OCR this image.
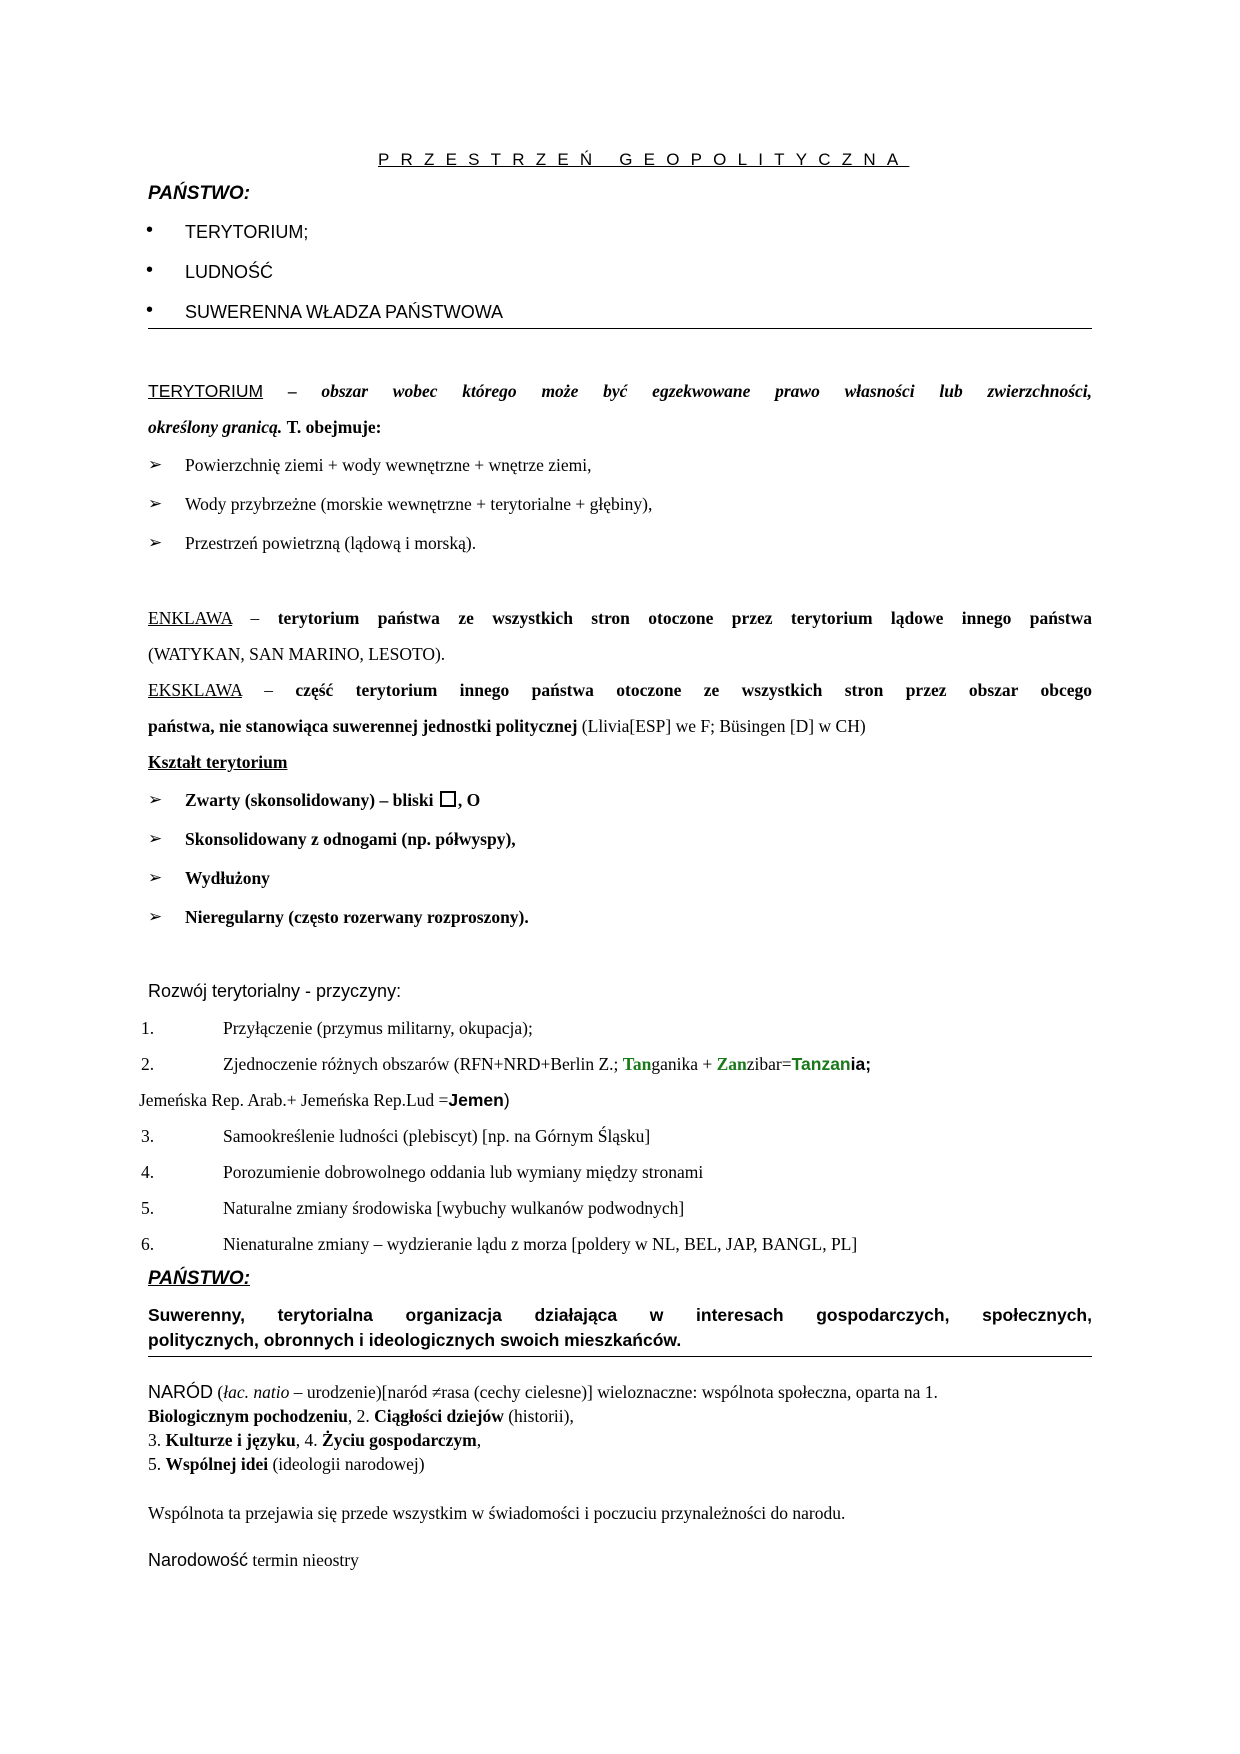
PRZESTRZEŃ GEOPOLITYCZNA
PAŃSTWO:
• TERYTORIUM;
• LUDNOŚĆ
• SUWERENNA WŁADZA PAŃSTWOWA
TERYTORIUM – obszar wobec którego może być egzekwowane prawo własności lub zwierzchności,
określony granicą. T. obejmuje:
➢ Powierzchnię ziemi + wody wewnętrzne + wnętrze ziemi,
➢ Wody przybrzeżne (morskie wewnętrzne + terytorialne + głębiny),
➢ Przestrzeń powietrzną (lądową i morską).
ENKLAWA – terytorium państwa ze wszystkich stron otoczone przez terytorium lądowe innego państwa
(WATYKAN, SAN MARINO, LESOTO).
EKSKLAWA – część terytorium innego państwa otoczone ze wszystkich stron przez obszar obcego
państwa, nie stanowiąca suwerennej jednostki politycznej (Llivia[ESP] we F; Büsingen [D] w CH)
Kształt terytorium
➢ Zwarty (skonsolidowany) – bliski , O
➢ Skonsolidowany z odnogami (np. półwyspy),
➢ Wydłużony
➢ Nieregularny (często rozerwany rozproszony).
Rozwój terytorialny - przyczyny:
1.	Przyłączenie (przymus militarny, okupacja);
2.	Zjednoczenie różnych obszarów (RFN+NRD+Berlin Z.; Tanganika + Zanzibar=Tanzania;
Jemeńska Rep. Arab.+ Jemeńska Rep.Lud =Jemen)
3.	Samookreślenie ludności (plebiscyt) [np. na Górnym Śląsku]
4.	Porozumienie dobrowolnego oddania lub wymiany między stronami
5.	Naturalne zmiany środowiska [wybuchy wulkanów podwodnych]
6.	Nienaturalne zmiany – wydzieranie lądu z morza [poldery w NL, BEL, JAP, BANGL, PL]
PAŃSTWO:
Suwerenny, terytorialna organizacja działająca w interesach gospodarczych, społecznych,
politycznych, obronnych i ideologicznych swoich mieszkańców.
NARÓD (łac. natio – urodzenie)[naród ≠rasa (cechy cielesne)] wieloznaczne: wspólnota społeczna, oparta na 1.
Biologicznym pochodzeniu, 2. Ciągłości dziejów (historii),
3. Kulturze i języku, 4. Życiu gospodarczym,
5. Wspólnej idei (ideologii narodowej)
Wspólnota ta przejawia się przede wszystkim w świadomości i poczuciu przynależności do narodu.
Narodowość termin nieostry
